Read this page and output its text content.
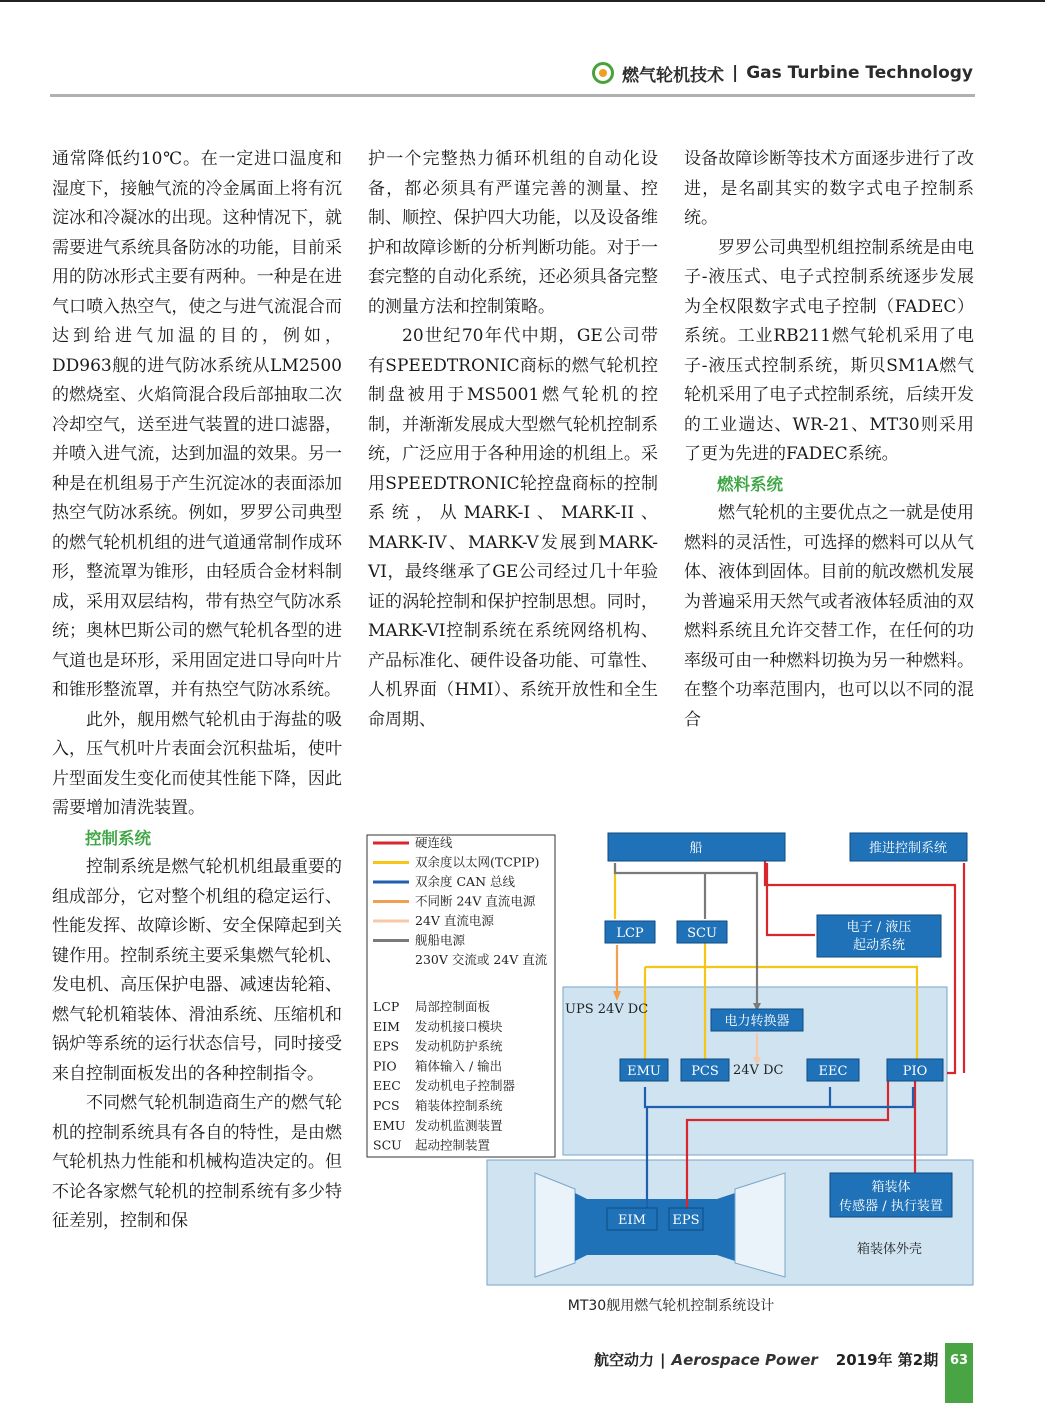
燃气轮机技术 | Gas Turbine Technology

通常降低约10℃。在一定进口温度和湿度下，接触气流的冷金属面上将有沉淀冰和冷凝冰的出现。这种情况下，就需要进气系统具备防冰的功能，目前采用的防冰形式主要有两种。一种是在进气口喷入热空气，使之与进气流混合而达到给进气加温的目的，例如，DD963舰的进气防冰系统从LM2500的燃烧室、火焰筒混合段后部抽取二次冷却空气，送至进气装置的进口滤器，并喷入进气流，达到加温的效果。另一种是在机组易于产生沉淀冰的表面添加热空气防冰系统。例如，罗罗公司典型的燃气轮机机组的进气道通常制作成环形，整流罩为锥形，由轻质合金材料制成，采用双层结构，带有热空气防冰系统；奥林巴斯公司的燃气轮机各型的进气道也是环形，采用固定进口导向叶片和锥形整流罩，并有热空气防冰系统。

此外，舰用燃气轮机由于海盐的吸入，压气机叶片表面会沉积盐垢，使叶片型面发生变化而使其性能下降，因此需要增加清洗装置。

控制系统

控制系统是燃气轮机机组最重要的组成部分，它对整个机组的稳定运行、性能发挥、故障诊断、安全保障起到关键作用。控制系统主要采集燃气轮机、发电机、高压保护电器、减速齿轮箱、燃气轮机箱装体、滑油系统、压缩机和锅炉等系统的运行状态信号，同时接受来自控制面板发出的各种控制指令。

不同燃气轮机制造商生产的燃气轮机的控制系统具有各自的特性，是由燃气轮机热力性能和机械构造决定的。但不论各家燃气轮机的控制系统有多少特征差别，控制和保

护一个完整热力循环机组的自动化设备，都必须具有严谨完善的测量、控制、顺控、保护四大功能，以及设备维护和故障诊断的分析判断功能。对于一套完整的自动化系统，还必须具备完整的测量方法和控制策略。

20世纪70年代中期，GE公司带有SPEEDTRONIC商标的燃气轮机控制盘被用于MS5001燃气轮机的控制，并渐渐发展成大型燃气轮机控制系统，广泛应用于各种用途的机组上。采用SPEEDTRONIC轮控盘商标的控制系统，从MARK-I、MARK-II、MARK-IV、MARK-V发展到MARK-VI，最终继承了GE公司经过几十年验证的涡轮控制和保护控制思想。同时，MARK-VI控制系统在系统网络机构、产品标准化、硬件设备功能、可靠性、人机界面（HMI）、系统开放性和全生命周期、

设备故障诊断等技术方面逐步进行了改进，是名副其实的数字式电子控制系统。

罗罗公司典型机组控制系统是由电子-液压式、电子式控制系统逐步发展为全权限数字式电子控制（FADEC）系统。工业RB211燃气轮机采用了电子-液压式控制系统，斯贝SM1A燃气轮机采用了电子式控制系统，后续开发的工业遄达、WR-21、MT30则采用了更为先进的FADEC系统。

燃料系统

燃气轮机的主要优点之一就是使用燃料的灵活性，可选择的燃料可以从气体、液体到固体。目前的航改燃机发展为普遍采用天然气或者液体轻质油的双燃料系统且允许交替工作，在任何的功率级可由一种燃料切换为另一种燃料。在整个功率范围内，也可以以不同的混合

硬连线
双余度以太网(TCPIP)
双余度 CAN 总线
不同断 24V 直流电源
24V 直流电源
舰船电源
230V 交流或 24V 直流
LCP 局部控制面板
EIM 发动机接口模块
EPS 发动机防护系统
PIO 箱体输入 / 输出
EEC 发动机电子控制器
PCS 箱装体控制系统
EMU 发动机监测装置
SCU 起动控制装置
船	推进控制系统
LCP	SCU	电子 / 液压
起动系统
电力转换器
EMU PCS	EEC	PIO
EIM EPS
箱装体
传感器 / 执行装置
UPS 24V DC
24V DC
箱装体外壳
MT30舰用燃气轮机控制系统设计
航空动力 | Aerospace Power 2019年 第2期 63
